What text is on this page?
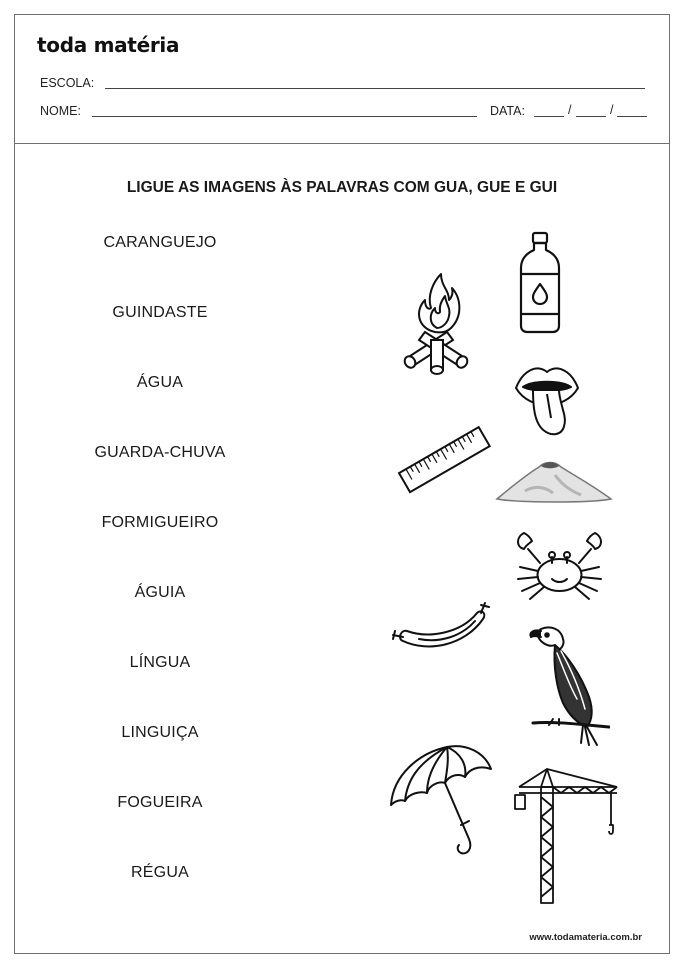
toda matéria
ESCOLA:
NOME:	DATA:	/	/
LIGUE AS IMAGENS ÀS PALAVRAS COM GUA, GUE E GUI
CARANGUEJO
GUINDASTE
ÁGUA
GUARDA-CHUVA
FORMIGUEIRO
ÁGUIA
LÍNGUA
LINGUIÇA
FOGUEIRA
RÉGUA
www.todamateria.com.br
